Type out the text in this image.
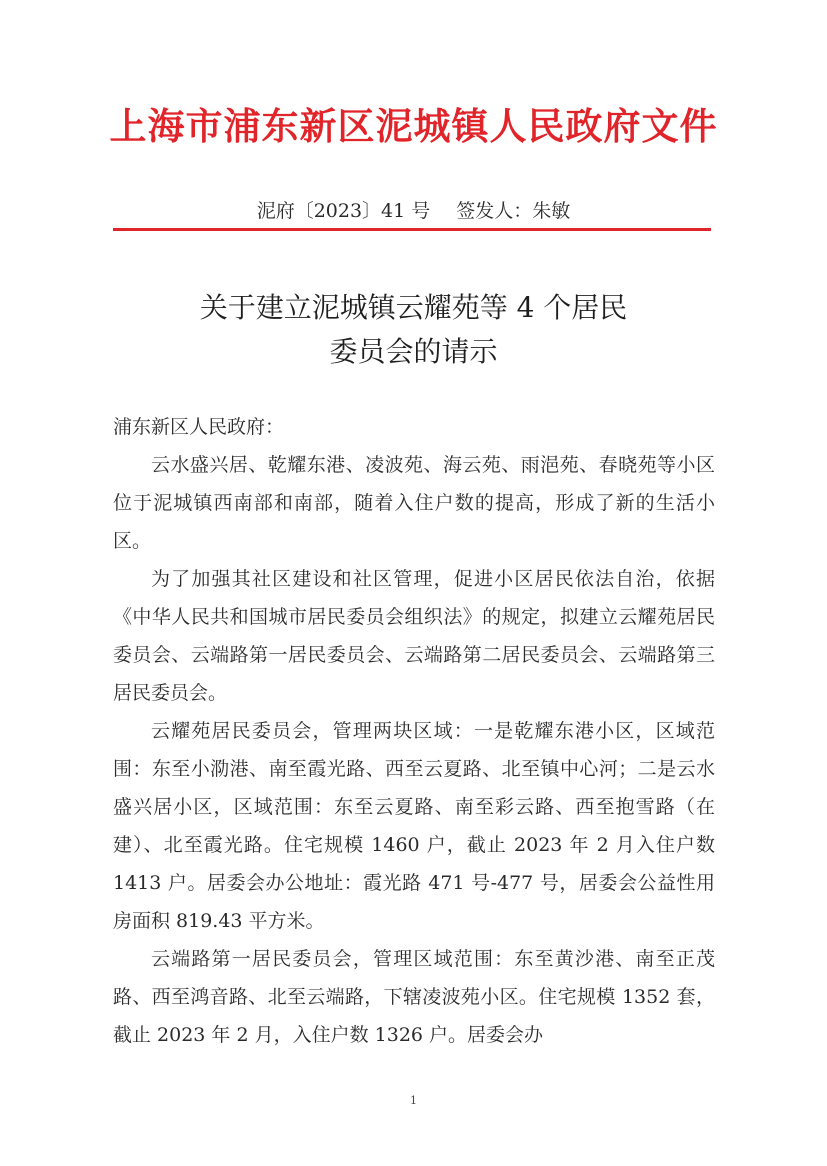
上海市浦东新区泥城镇人民政府文件
泥府〔2023〕41 号 签发人：朱敏
关于建立泥城镇云耀苑等 4 个居民
委员会的请示
浦东新区人民政府：

云水盛兴居、乾耀东港、凌波苑、海云苑、雨浥苑、春晓苑等小区位于泥城镇西南部和南部，随着入住户数的提高，形成了新的生活小区。

为了加强其社区建设和社区管理，促进小区居民依法自治，依据《中华人民共和国城市居民委员会组织法》的规定，拟建立云耀苑居民委员会、云端路第一居民委员会、云端路第二居民委员会、云端路第三居民委员会。

云耀苑居民委员会，管理两块区域：一是乾耀东港小区，区域范围：东至小泐港、南至霞光路、西至云夏路、北至镇中心河；二是云水盛兴居小区，区域范围：东至云夏路、南至彩云路、西至抱雪路（在建）、北至霞光路。住宅规模 1460 户，截止 2023 年 2 月入住户数 1413 户。居委会办公地址：霞光路 471 号-477 号，居委会公益性用房面积 819.43 平方米。

云端路第一居民委员会，管理区域范围：东至黄沙港、南至正茂路、西至鸿音路、北至云端路，下辖凌波苑小区。住宅规模 1352 套，截止 2023 年 2 月，入住户数 1326 户。居委会办

1
